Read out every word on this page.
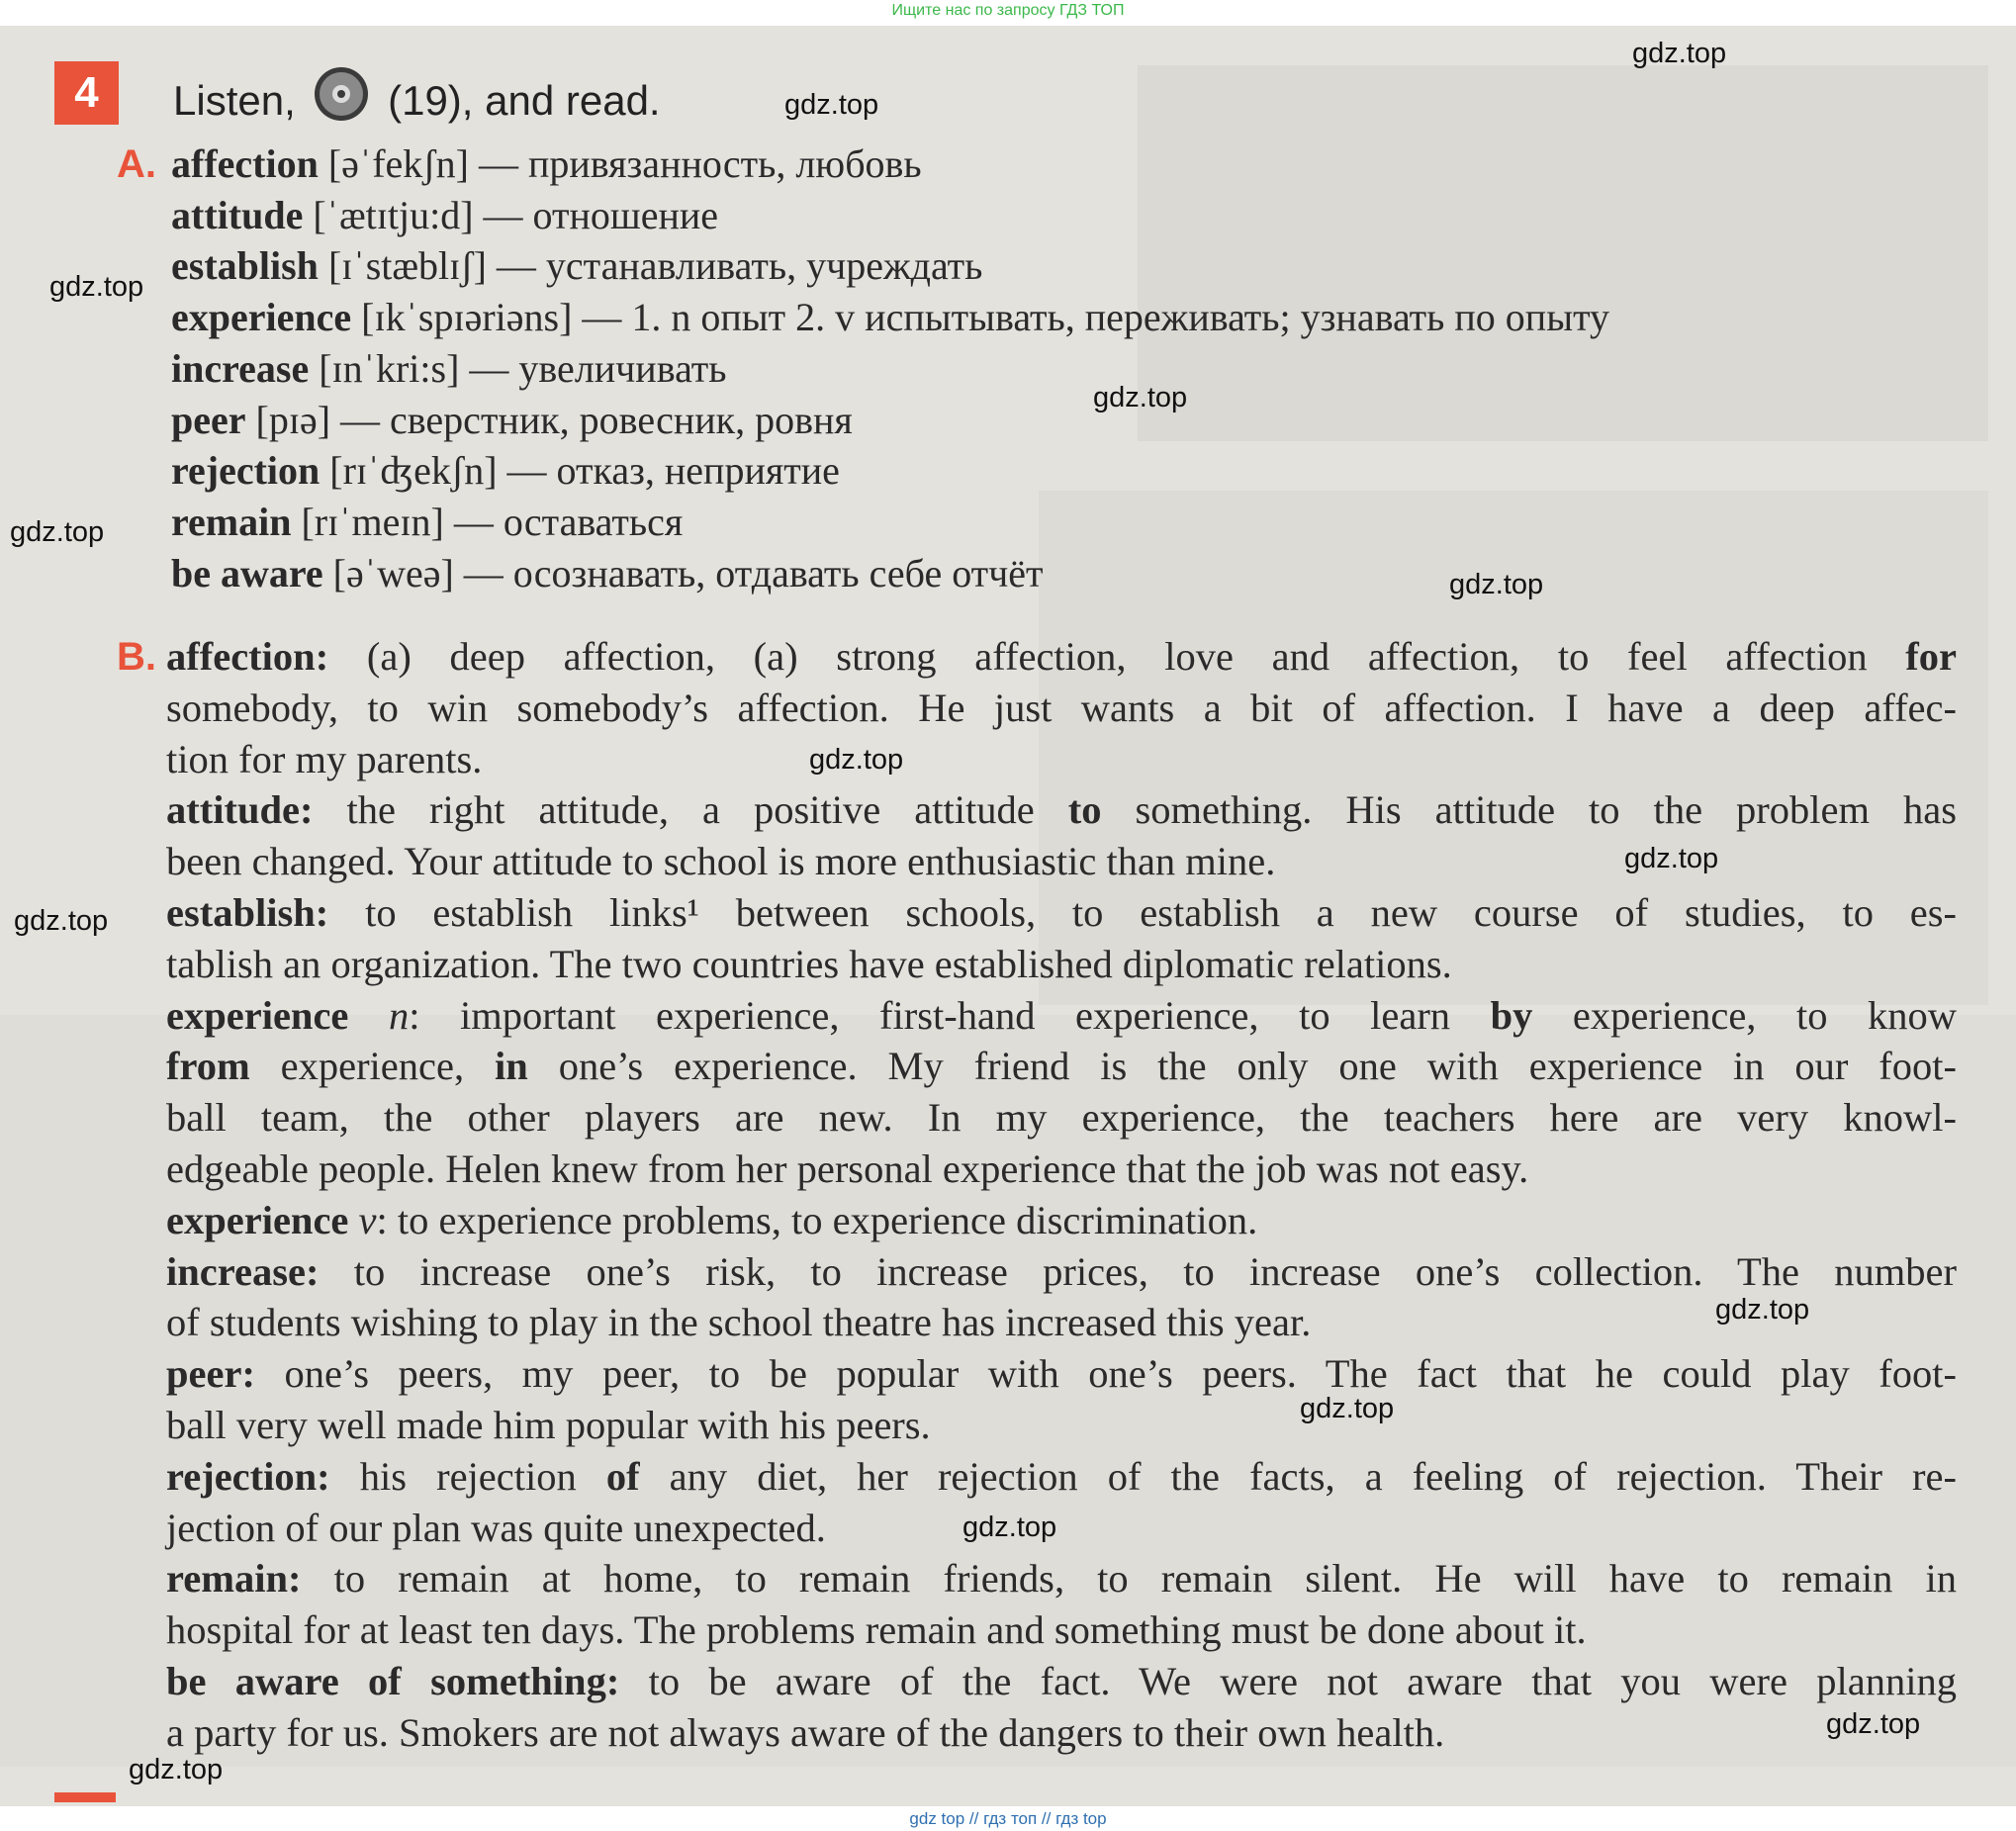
Ищите нас по запросу ГДЗ ТОП
4	Listen, (19), and read.
A. affection [əˈfekʃn] — привязанность, любовь
attitude [ˈætɪtju:d] — отношение
establish [ɪˈstæblɪʃ] — устанавливать, учреждать
experience [ɪkˈspɪəriəns] — 1. n опыт 2. v испытывать, переживать; узнавать по опыту
increase [ɪnˈkri:s] — увеличивать
peer [pɪə] — сверстник, ровесник, ровня
rejection [rɪˈʤekʃn] — отказ, неприятие
remain [rɪˈmeɪn] — оставаться
be aware [əˈweə] — осознавать, отдавать себе отчёт
B. affection: (a) deep affection, (a) strong affection, love and affection, to feel affection for
somebody, to win somebody’s affection. He just wants a bit of affection. I have a deep affec-
tion for my parents.
attitude: the right attitude, a positive attitude to something. His attitude to the problem has
been changed. Your attitude to school is more enthusiastic than mine.
establish: to establish links¹ between schools, to establish a new course of studies, to es-
tablish an organization. The two countries have established diplomatic relations.
experience n: important experience, first-hand experience, to learn by experience, to know
from experience, in one’s experience. My friend is the only one with experience in our foot-
ball team, the other players are new. In my experience, the teachers here are very knowl-
edgeable people. Helen knew from her personal experience that the job was not easy.
experience v: to experience problems, to experience discrimination.
increase: to increase one’s risk, to increase prices, to increase one’s collection. The number
of students wishing to play in the school theatre has increased this year.
peer: one’s peers, my peer, to be popular with one’s peers. The fact that he could play foot-
ball very well made him popular with his peers.
rejection: his rejection of any diet, her rejection of the facts, a feeling of rejection. Their re-
jection of our plan was quite unexpected.
remain: to remain at home, to remain friends, to remain silent. He will have to remain in
hospital for at least ten days. The problems remain and something must be done about it.
be aware of something: to be aware of the fact. We were not aware that you were planning
a party for us. Smokers are not always aware of the dangers to their own health.
gdz.top
gdz.top
gdz.top
gdz.top
gdz.top
gdz.top
gdz.top
gdz.top
gdz.top
gdz.top
gdz.top
gdz.top
gdz.top
gdz.top
gdz top // гдз топ // гдз top
